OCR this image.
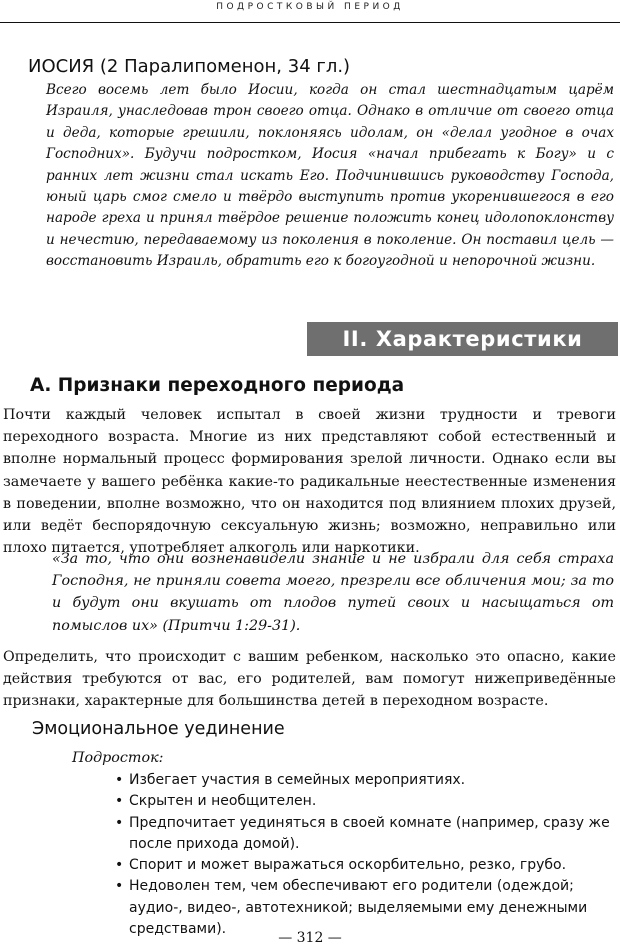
ПОДРОСТКОВЫЙ ПЕРИОД
ИОСИЯ (2 Паралипоменон, 34 гл.)
Всего восемь лет было Иосии, когда он стал шестнадцатым царём Израиля, унаследовав трон своего отца. Однако в отличие от своего отца и деда, которые грешили, поклоняясь идолам, он «делал угодное в очах Господних». Будучи подростком, Иосия «начал прибегать к Богу» и с ранних лет жизни стал искать Его. Подчинившись руководству Господа, юный царь смог смело и твёрдо выступить против укоренившегося в его народе греха и принял твёрдое решение положить конец идолопоклонству и нечестию, передаваемому из поколения в поколение. Он поставил цель — восстановить Израиль, обратить его к богоугодной и непорочной жизни.
II. Характеристики
А. Признаки переходного периода
Почти каждый человек испытал в своей жизни трудности и тревоги переходного возраста. Многие из них представляют собой естественный и вполне нормальный процесс формирования зрелой личности. Однако если вы замечаете у вашего ребёнка какие-то радикальные неестественные изменения в поведении, вполне возможно, что он находится под влиянием плохих друзей, или ведёт беспорядочную сексуальную жизнь; возможно, неправильно или плохо питается, употребляет алкоголь или наркотики.
«За то, что они возненавидели знание и не избрали для себя страха Господня, не приняли совета моего, презрели все обличения мои; за то и будут они вкушать от плодов путей своих и насыщаться от помыслов их» (Притчи 1:29-31).
Определить, что происходит с вашим ребенком, насколько это опасно, какие действия требуются от вас, его родителей, вам помогут нижеприведённые признаки, характерные для большинства детей в переходном возрасте.
Эмоциональное уединение
Подросток:
• Избегает участия в семейных мероприятиях.
• Скрытен и необщителен.
• Предпочитает уединяться в своей комнате (например, сразу же после прихода домой).
• Спорит и может выражаться оскорбительно, резко, грубо.
• Недоволен тем, чем обеспечивают его родители (одеждой; аудио-, видео-, автотехникой; выделяемыми ему денежными средствами).
— 312 —
